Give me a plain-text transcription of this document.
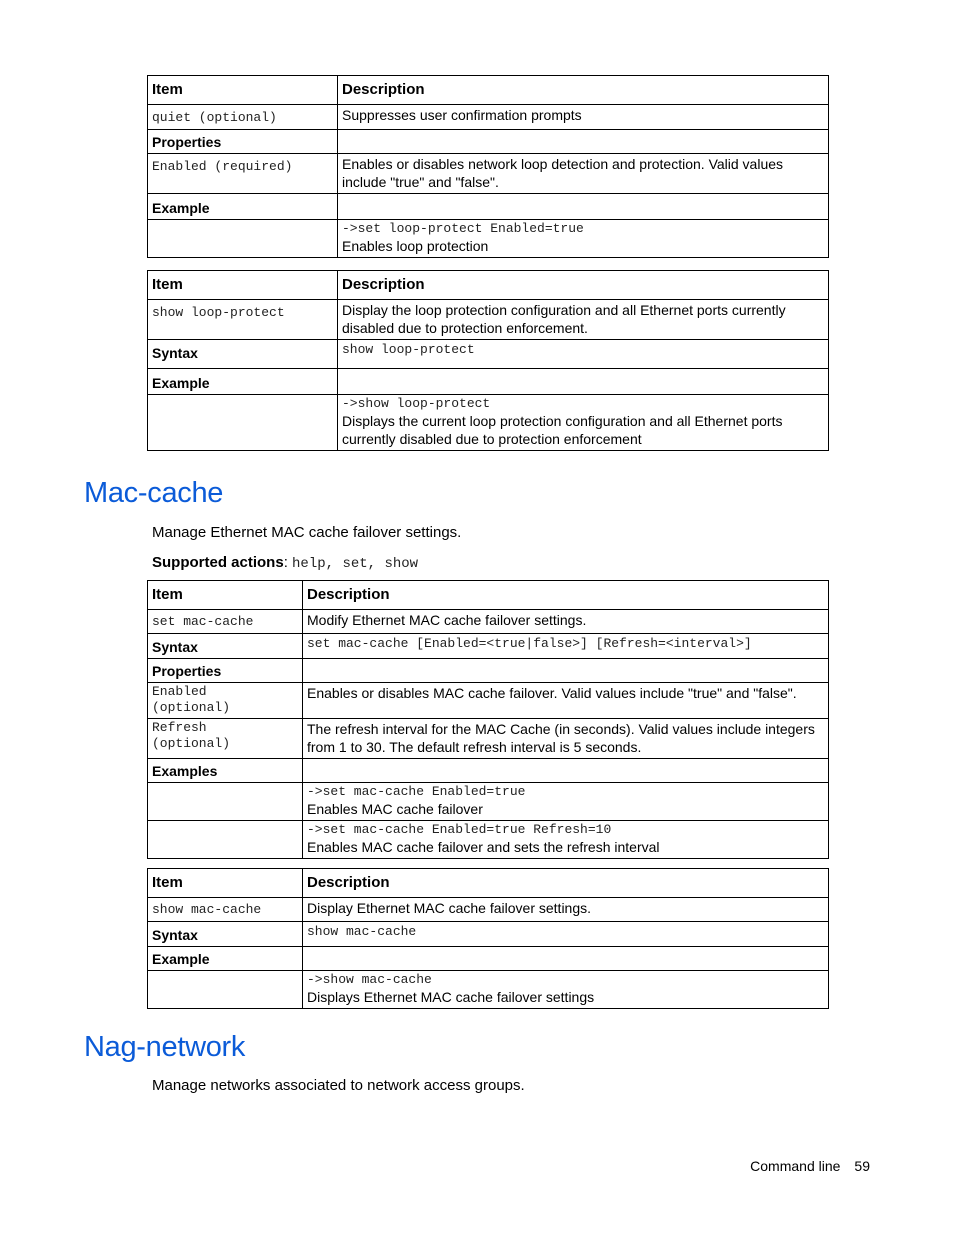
Item	Description
quiet (optional)	Suppresses user confirmation prompts
Properties	
Enabled (required)	Enables or disables network loop detection and protection. Valid values include "true" and "false".
Example	

	->set loop-protect Enabled=true
Enables loop protection
Item	Description
show loop-protect	Display the loop protection configuration and all Ethernet ports currently disabled due to protection enforcement.
Syntax	show loop-protect
Example	

	->show loop-protect
Displays the current loop protection configuration and all Ethernet ports currently disabled due to protection enforcement
Mac-cache

Manage Ethernet MAC cache failover settings.

Supported actions: help, set, show

Item	Description
set mac-cache	Modify Ethernet MAC cache failover settings.
Syntax	set mac-cache [Enabled=<true|false>] [Refresh=<interval>]
Properties	

Enabled
(optional)	Enables or disables MAC cache failover. Valid values include "true" and "false".

Refresh
(optional)	The refresh interval for the MAC Cache (in seconds). Valid values include integers from 1 to 30. The default refresh interval is 5 seconds.
Examples	

	->set mac-cache Enabled=true
Enables MAC cache failover

	->set mac-cache Enabled=true Refresh=10
Enables MAC cache failover and sets the refresh interval
Item	Description
show mac-cache	Display Ethernet MAC cache failover settings.
Syntax	show mac-cache
Example	

	->show mac-cache
Displays Ethernet MAC cache failover settings
Nag-network

Manage networks associated to network access groups.

Command line 59
